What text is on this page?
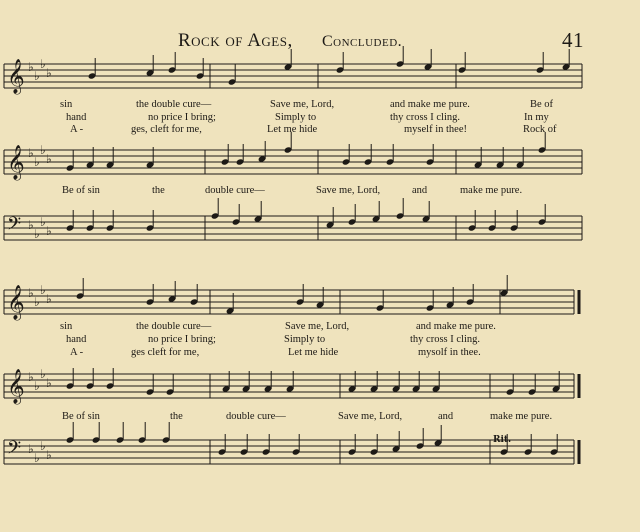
Rock of Ages, Concluded.	41
𝄞 ♭
♭
♭
♭
𝄞 ♭
♭
♭
♭
𝄢 ♭
♭
♭
♭
𝄞 ♭
♭
♭
♭
𝄞 ♭
♭
♭
♭
𝄢 ♭
♭
♭
♭
sin	the double cure—	Save me, Lord,	and make me pure.	Be of
hand	no price I bring;	Simply to	thy cross I cling.	In my
A -	ges, cleft for me,	Let me hide	myself in thee!	Rock of
Be of sin	the	double cure—	Save me, Lord,	and	make me pure.
sin	the double cure—	Save me, Lord,	and make me pure.
hand	no price I bring;	Simply to	thy cross I cling.
A -	ges cleft for me,	Let me hide	mysolf in thee.
Be of sin	the	double cure—	Save me, Lord,	and	make me pure.
Rit.
